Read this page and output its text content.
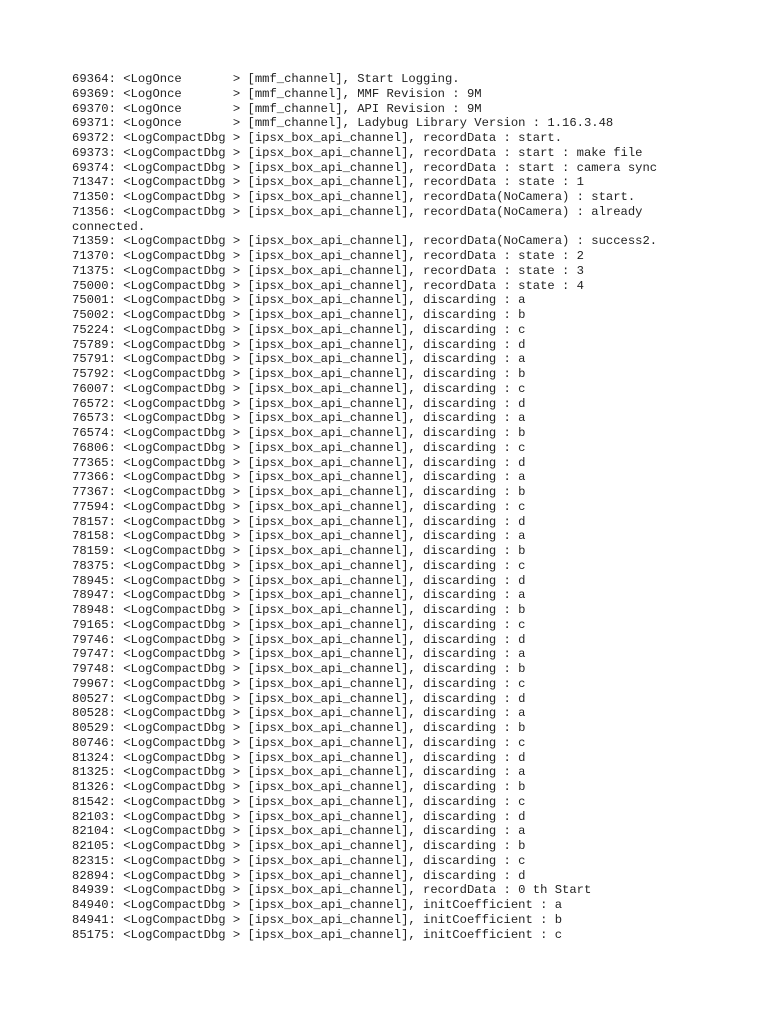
69364: <LogOnce       > [mmf_channel], Start Logging.
69369: <LogOnce       > [mmf_channel], MMF Revision : 9M
69370: <LogOnce       > [mmf_channel], API Revision : 9M
69371: <LogOnce       > [mmf_channel], Ladybug Library Version : 1.16.3.48
69372: <LogCompactDbg > [ipsx_box_api_channel], recordData : start.
69373: <LogCompactDbg > [ipsx_box_api_channel], recordData : start : make file
69374: <LogCompactDbg > [ipsx_box_api_channel], recordData : start : camera sync
71347: <LogCompactDbg > [ipsx_box_api_channel], recordData : state : 1
71350: <LogCompactDbg > [ipsx_box_api_channel], recordData(NoCamera) : start.
71356: <LogCompactDbg > [ipsx_box_api_channel], recordData(NoCamera) : already
connected.
71359: <LogCompactDbg > [ipsx_box_api_channel], recordData(NoCamera) : success2.
71370: <LogCompactDbg > [ipsx_box_api_channel], recordData : state : 2
71375: <LogCompactDbg > [ipsx_box_api_channel], recordData : state : 3
75000: <LogCompactDbg > [ipsx_box_api_channel], recordData : state : 4
75001: <LogCompactDbg > [ipsx_box_api_channel], discarding : a
75002: <LogCompactDbg > [ipsx_box_api_channel], discarding : b
75224: <LogCompactDbg > [ipsx_box_api_channel], discarding : c
75789: <LogCompactDbg > [ipsx_box_api_channel], discarding : d
75791: <LogCompactDbg > [ipsx_box_api_channel], discarding : a
75792: <LogCompactDbg > [ipsx_box_api_channel], discarding : b
76007: <LogCompactDbg > [ipsx_box_api_channel], discarding : c
76572: <LogCompactDbg > [ipsx_box_api_channel], discarding : d
76573: <LogCompactDbg > [ipsx_box_api_channel], discarding : a
76574: <LogCompactDbg > [ipsx_box_api_channel], discarding : b
76806: <LogCompactDbg > [ipsx_box_api_channel], discarding : c
77365: <LogCompactDbg > [ipsx_box_api_channel], discarding : d
77366: <LogCompactDbg > [ipsx_box_api_channel], discarding : a
77367: <LogCompactDbg > [ipsx_box_api_channel], discarding : b
77594: <LogCompactDbg > [ipsx_box_api_channel], discarding : c
78157: <LogCompactDbg > [ipsx_box_api_channel], discarding : d
78158: <LogCompactDbg > [ipsx_box_api_channel], discarding : a
78159: <LogCompactDbg > [ipsx_box_api_channel], discarding : b
78375: <LogCompactDbg > [ipsx_box_api_channel], discarding : c
78945: <LogCompactDbg > [ipsx_box_api_channel], discarding : d
78947: <LogCompactDbg > [ipsx_box_api_channel], discarding : a
78948: <LogCompactDbg > [ipsx_box_api_channel], discarding : b
79165: <LogCompactDbg > [ipsx_box_api_channel], discarding : c
79746: <LogCompactDbg > [ipsx_box_api_channel], discarding : d
79747: <LogCompactDbg > [ipsx_box_api_channel], discarding : a
79748: <LogCompactDbg > [ipsx_box_api_channel], discarding : b
79967: <LogCompactDbg > [ipsx_box_api_channel], discarding : c
80527: <LogCompactDbg > [ipsx_box_api_channel], discarding : d
80528: <LogCompactDbg > [ipsx_box_api_channel], discarding : a
80529: <LogCompactDbg > [ipsx_box_api_channel], discarding : b
80746: <LogCompactDbg > [ipsx_box_api_channel], discarding : c
81324: <LogCompactDbg > [ipsx_box_api_channel], discarding : d
81325: <LogCompactDbg > [ipsx_box_api_channel], discarding : a
81326: <LogCompactDbg > [ipsx_box_api_channel], discarding : b
81542: <LogCompactDbg > [ipsx_box_api_channel], discarding : c
82103: <LogCompactDbg > [ipsx_box_api_channel], discarding : d
82104: <LogCompactDbg > [ipsx_box_api_channel], discarding : a
82105: <LogCompactDbg > [ipsx_box_api_channel], discarding : b
82315: <LogCompactDbg > [ipsx_box_api_channel], discarding : c
82894: <LogCompactDbg > [ipsx_box_api_channel], discarding : d
84939: <LogCompactDbg > [ipsx_box_api_channel], recordData : 0 th Start
84940: <LogCompactDbg > [ipsx_box_api_channel], initCoefficient : a
84941: <LogCompactDbg > [ipsx_box_api_channel], initCoefficient : b
85175: <LogCompactDbg > [ipsx_box_api_channel], initCoefficient : c
